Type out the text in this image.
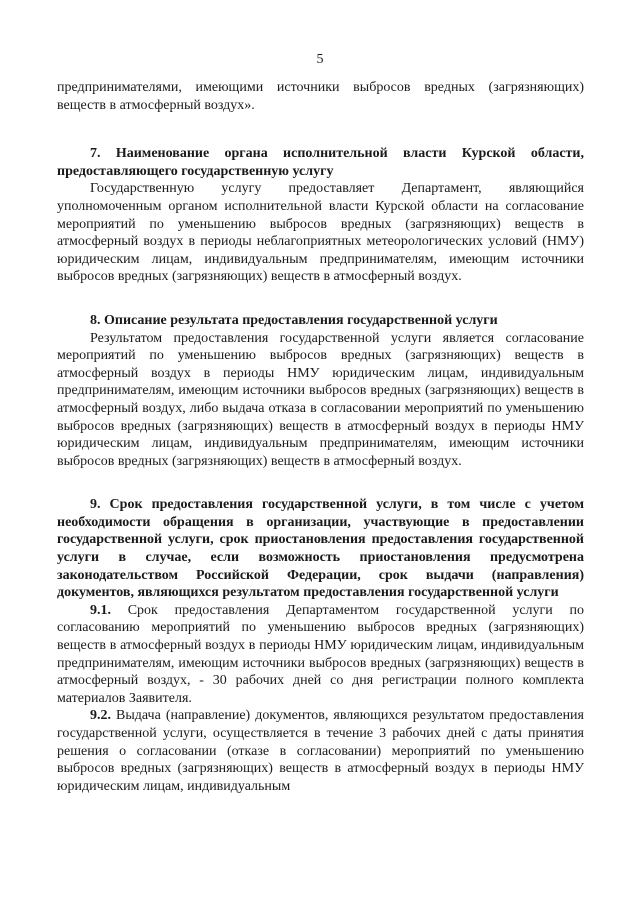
5

предпринимателями, имеющими источники выбросов вредных (загрязняющих) веществ в атмосферный воздух».

7. Наименование органа исполнительной власти Курской области, предоставляющего государственную услугу

Государственную услугу предоставляет Департамент, являющийся уполномоченным органом исполнительной власти Курской области на согласование мероприятий по уменьшению выбросов вредных (загрязняющих) веществ в атмосферный воздух в периоды неблагоприятных метеорологических условий (НМУ) юридическим лицам, индивидуальным предпринимателям, имеющим источники выбросов вредных (загрязняющих) веществ в атмосферный воздух.

8. Описание результата предоставления государственной услуги

Результатом предоставления государственной услуги является согласование мероприятий по уменьшению выбросов вредных (загрязняющих) веществ в атмосферный воздух в периоды НМУ юридическим лицам, индивидуальным предпринимателям, имеющим источники выбросов вредных (загрязняющих) веществ в атмосферный воздух, либо выдача отказа в согласовании мероприятий по уменьшению выбросов вредных (загрязняющих) веществ в атмосферный воздух в периоды НМУ юридическим лицам, индивидуальным предпринимателям, имеющим источники выбросов вредных (загрязняющих) веществ в атмосферный воздух.

9. Срок предоставления государственной услуги, в том числе с учетом необходимости обращения в организации, участвующие в предоставлении государственной услуги, срок приостановления предоставления государственной услуги в случае, если возможность приостановления предусмотрена законодательством Российской Федерации, срок выдачи (направления) документов, являющихся результатом предоставления государственной услуги

9.1. Срок предоставления Департаментом государственной услуги по согласованию мероприятий по уменьшению выбросов вредных (загрязняющих) веществ в атмосферный воздух в периоды НМУ юридическим лицам, индивидуальным предпринимателям, имеющим источники выбросов вредных (загрязняющих) веществ в атмосферный воздух, - 30 рабочих дней со дня регистрации полного комплекта материалов Заявителя.

9.2. Выдача (направление) документов, являющихся результатом предоставления государственной услуги, осуществляется в течение 3 рабочих дней с даты принятия решения о согласовании (отказе в согласовании) мероприятий по уменьшению выбросов вредных (загрязняющих) веществ в атмосферный воздух в периоды НМУ юридическим лицам, индивидуальным
